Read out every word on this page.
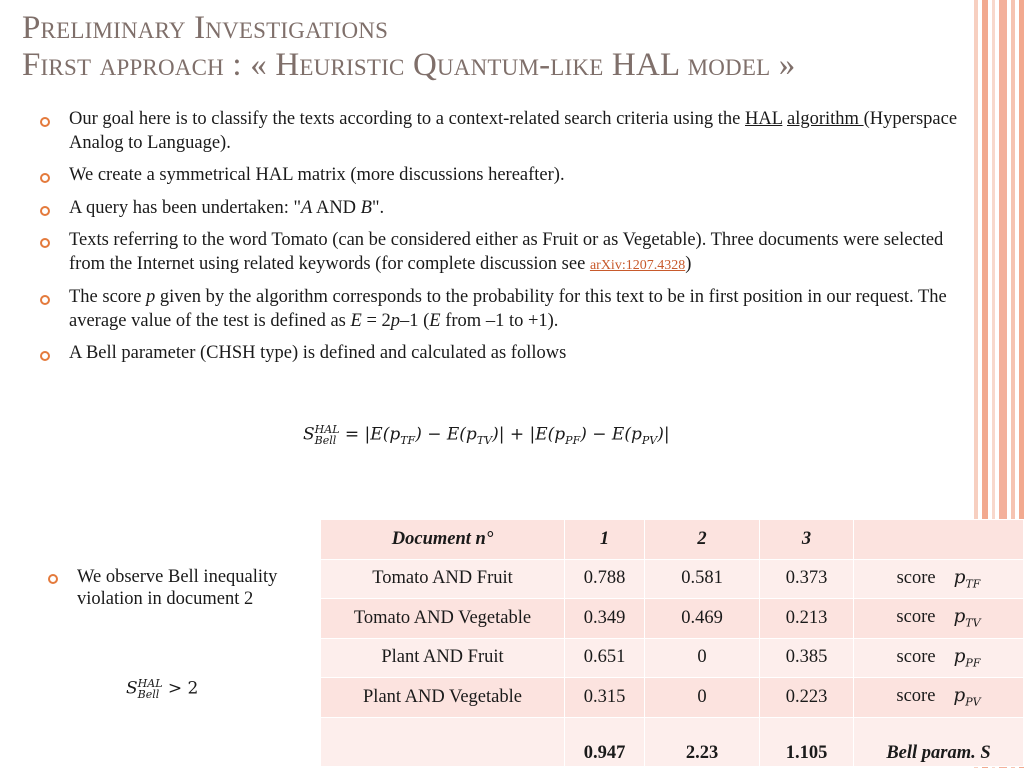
Preliminary Investigations
First approach : « Heuristic Quantum-like HAL model »
Our goal here is to classify the texts according to a context-related search criteria using the HAL algorithm (Hyperspace Analog to Language).
We create a symmetrical HAL matrix (more discussions hereafter).
A query has been undertaken: "A AND B".
Texts referring to the word Tomato (can be considered either as Fruit or as Vegetable). Three documents were selected from the Internet using related keywords (for complete discussion see arXiv:1207.4328)
The score p given by the algorithm corresponds to the probability for this text to be in first position in our request. The average value of the test is defined as E = 2p–1 (E from –1 to +1).
A Bell parameter (CHSH type) is defined and calculated as follows
S HAL
Bell = $|E(p_{TF}) - E(p_{TV})| + |E(p_{PF}) - E(p_{PV})|$
We observe Bell inequality violation in document 2
S HAL
Bell > 2
Document n°	1	2	3	
Tomato AND Fruit	0.788	0.581	0.373	score $p_{TF}$
Tomato AND Vegetable	0.349	0.469	0.213	score $p_{TV}$
Plant AND Fruit	0.651	0	0.385	score $p_{PF}$
Plant AND Vegetable	0.315	0	0.223	score $p_{PV}$
	0.947	2.23	1.105	Bell param. S
